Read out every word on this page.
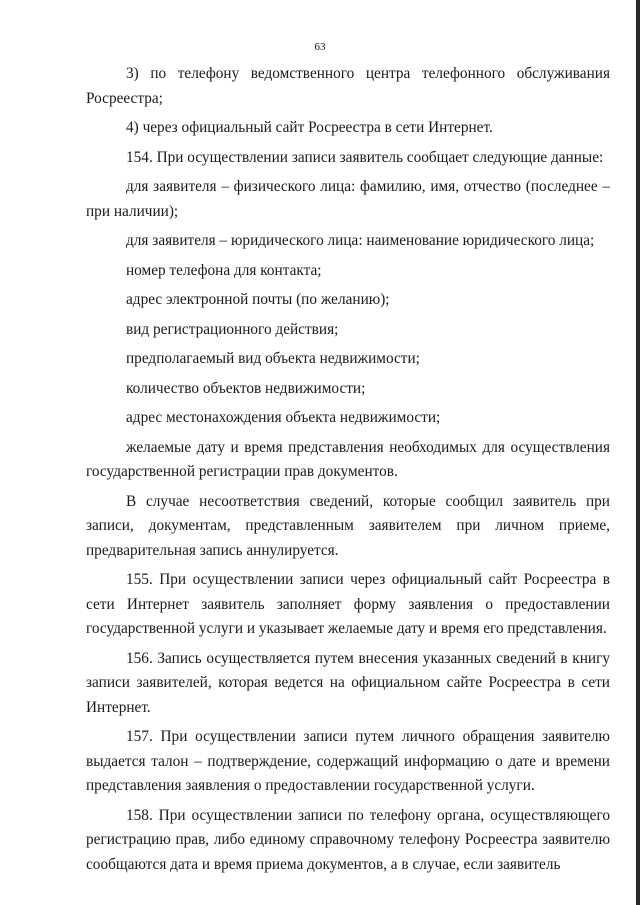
63

3) по телефону ведомственного центра телефонного обслуживания Росреестра;

4) через официальный сайт Росреестра в сети Интернет.

154. При осуществлении записи заявитель сообщает следующие данные:

для заявителя – физического лица: фамилию, имя, отчество (последнее – при наличии);

для заявителя – юридического лица: наименование юридического лица;

номер телефона для контакта;

адрес электронной почты (по желанию);

вид регистрационного действия;

предполагаемый вид объекта недвижимости;

количество объектов недвижимости;

адрес местонахождения объекта недвижимости;

желаемые дату и время представления необходимых для осуществления государственной регистрации прав документов.

В случае несоответствия сведений, которые сообщил заявитель при записи, документам, представленным заявителем при личном приеме, предварительная запись аннулируется.

155. При осуществлении записи через официальный сайт Росреестра в сети Интернет заявитель заполняет форму заявления о предоставлении государственной услуги и указывает желаемые дату и время его представления.

156. Запись осуществляется путем внесения указанных сведений в книгу записи заявителей, которая ведется на официальном сайте Росреестра в сети Интернет.

157. При осуществлении записи путем личного обращения заявителю выдается талон – подтверждение, содержащий информацию о дате и времени представления заявления о предоставлении государственной услуги.

158. При осуществлении записи по телефону органа, осуществляющего регистрацию прав, либо единому справочному телефону Росреестра заявителю сообщаются дата и время приема документов, а в случае, если заявитель
